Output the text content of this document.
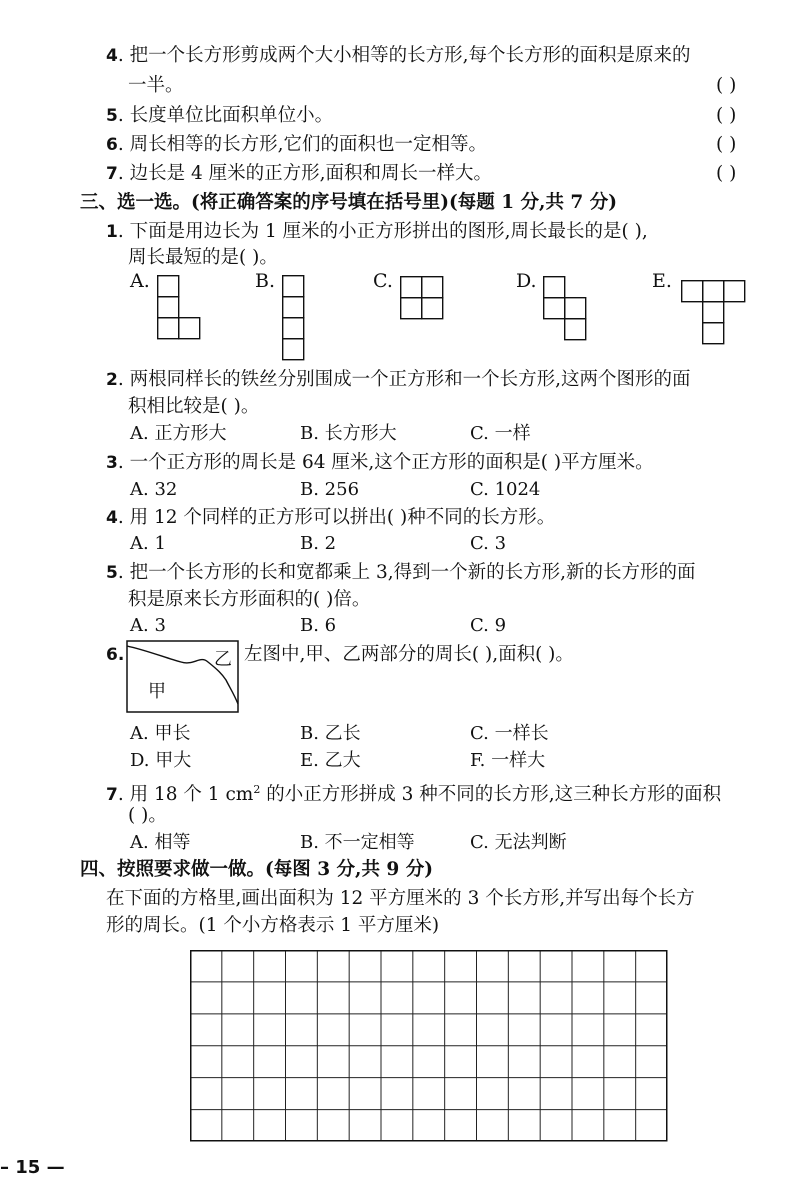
4. 把一个长方形剪成两个大小相等的长方形,每个长方形的面积是原来的
一半。	( )
5. 长度单位比面积单位小。	( )
6. 周长相等的长方形,它们的面积也一定相等。	( )
7. 边长是 4 厘米的正方形,面积和周长一样大。	( )
三、选一选。(将正确答案的序号填在括号里)(每题 1 分,共 7 分)
1. 下面是用边长为 1 厘米的小正方形拼出的图形,周长最长的是( ),
周长最短的是( )。
A.	B.	C.	D.	E.
2. 两根同样长的铁丝分别围成一个正方形和一个长方形,这两个图形的面
积相比较是( )。
A. 正方形大	B. 长方形大	C. 一样
3. 一个正方形的周长是 64 厘米,这个正方形的面积是( )平方厘米。
A. 32	B. 256	C. 1024
4. 用 12 个同样的正方形可以拼出( )种不同的长方形。
A. 1	B. 2	C. 3
5. 把一个长方形的长和宽都乘上 3,得到一个新的长方形,新的长方形的面
积是原来长方形面积的( )倍。
A. 3	B. 6	C. 9
6.	乙
甲
左图中,甲、乙两部分的周长( ),面积( )。
A. 甲长	B. 乙长	C. 一样长
D. 甲大	E. 乙大	F. 一样大
7. 用 18 个 1 $cm^2$ 的小正方形拼成 3 种不同的长方形,这三种长方形的面积
( )。
A. 相等	B. 不一定相等	C. 无法判断
四、按照要求做一做。(每图 3 分,共 9 分)
在下面的方格里,画出面积为 12 平方厘米的 3 个长方形,并写出每个长方
形的周长。(1 个小方格表示 1 平方厘米)
– 15 —
